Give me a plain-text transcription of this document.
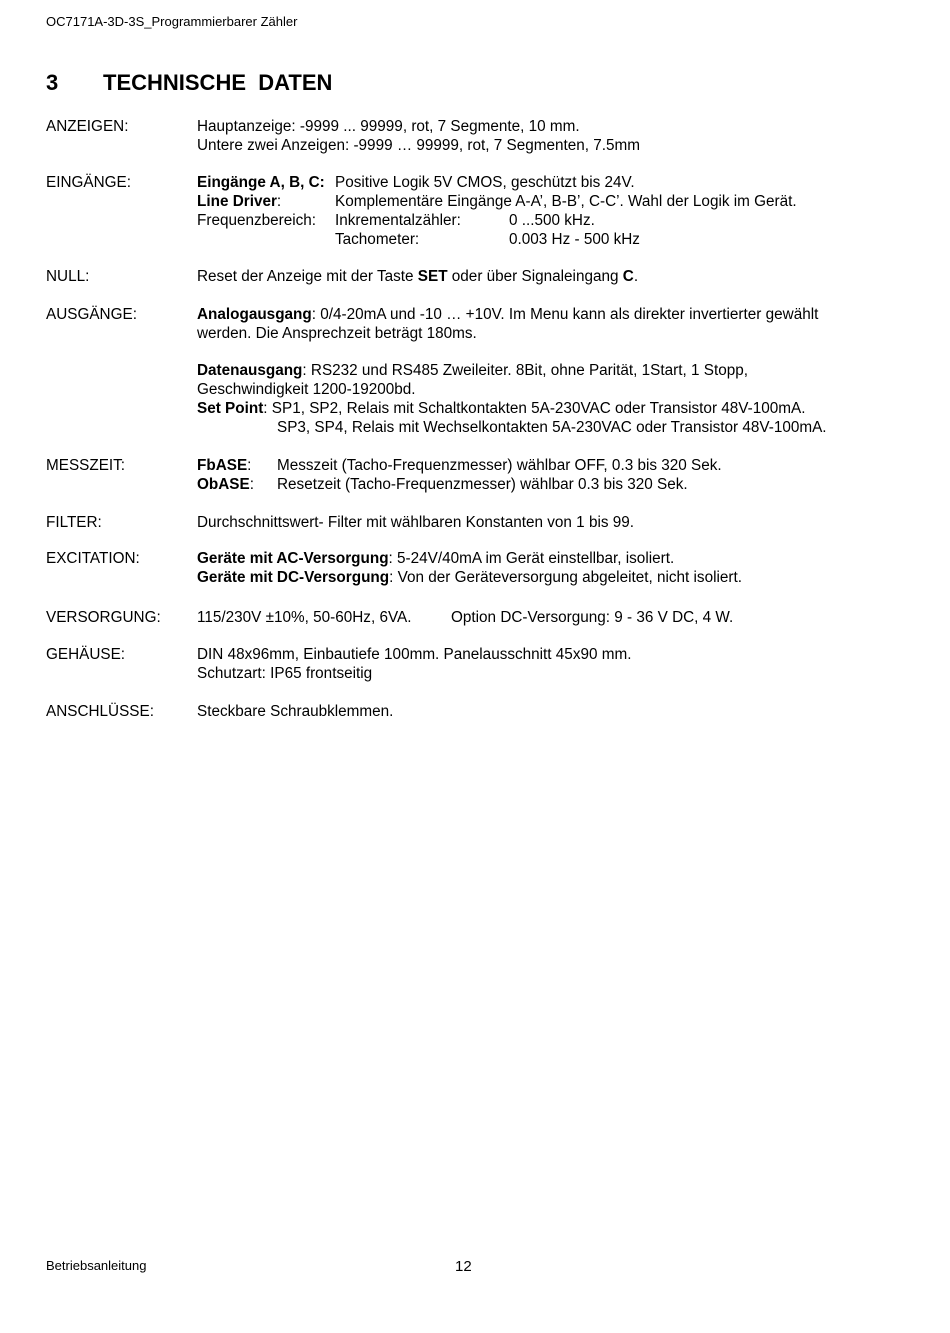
OC7171A-3D-3S_Programmierbarer Zähler
3 TECHNISCHE  DATEN
ANZEIGEN:	Hauptanzeige: -9999 ... 99999, rot, 7 Segmente, 10 mm.
Untere zwei Anzeigen: -9999 … 99999, rot, 7 Segmenten, 7.5mm
EINGÄNGE:	Eingänge A, B, C: Positive Logik 5V CMOS, geschützt bis 24V.
Line Driver:	Komplementäre Eingänge A-A’, B-B’, C-C’. Wahl der Logik im Gerät.
Frequenzbereich: Inkrementalzähler:	0 ...500 kHz.
Tachometer:	0.003 Hz - 500 kHz
NULL:	Reset der Anzeige mit der Taste SET oder über Signaleingang C.
AUSGÄNGE:	Analogausgang: 0/4-20mA und -10 … +10V. Im Menu kann als direkter invertierter gewählt
werden. Die Ansprechzeit beträgt 180ms.
Datenausgang: RS232 und RS485 Zweileiter. 8Bit, ohne Parität, 1Start, 1 Stopp,
Geschwindigkeit 1200-19200bd.
Set Point: SP1, SP2, Relais mit Schaltkontakten 5A-230VAC oder Transistor 48V-100mA.
SP3, SP4, Relais mit Wechselkontakten 5A-230VAC oder Transistor 48V-100mA.
MESSZEIT:	FbASE: Messzeit (Tacho-Frequenzmesser) wählbar OFF, 0.3 bis 320 Sek.
ObASE: Resetzeit (Tacho-Frequenzmesser) wählbar 0.3 bis 320 Sek.
FILTER:	Durchschnittswert- Filter mit wählbaren Konstanten von 1 bis 99.
EXCITATION:	Geräte mit AC-Versorgung: 5-24V/40mA im Gerät einstellbar, isoliert.
Geräte mit DC-Versorgung: Von der Geräteversorgung abgeleitet, nicht isoliert.
VERSORGUNG: 115/230V ±10%, 50-60Hz, 6VA.	Option DC-Versorgung: 9 - 36 V DC, 4 W.
GEHÄUSE:	DIN 48x96mm, Einbautiefe 100mm. Panelausschnitt 45x90 mm.
Schutzart: IP65 frontseitig
ANSCHLÜSSE:	Steckbare Schraubklemmen.
Betriebsanleitung	12
